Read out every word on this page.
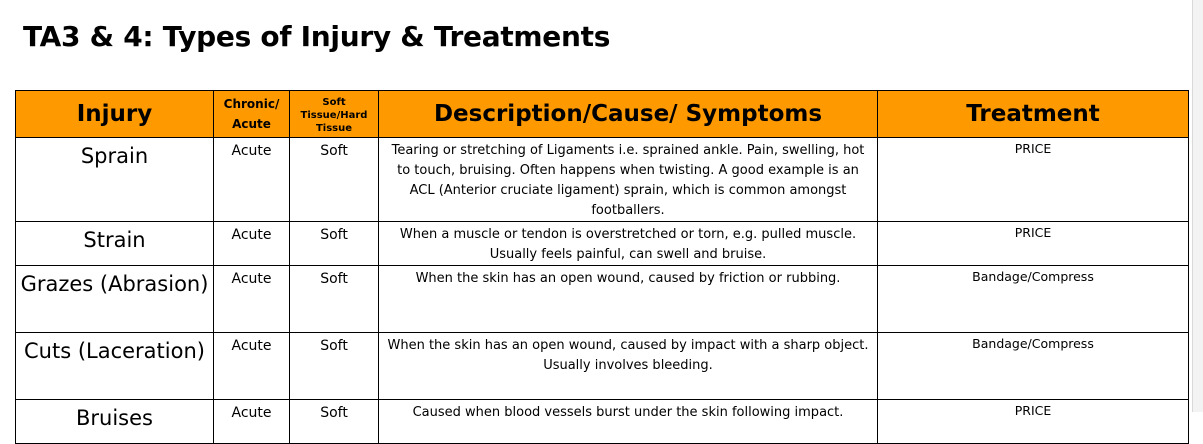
TA3 & 4: Types of Injury & Treatments
Injury	Chronic/ Acute	Soft Tissue/Hard Tissue	Description/Cause/ Symptoms	Treatment
Sprain	Acute	Soft	Tearing or stretching of Ligaments i.e. sprained ankle. Pain, swelling, hot to touch, bruising. Often happens when twisting. A good example is an ACL (Anterior cruciate ligament) sprain, which is common amongst footballers.	PRICE
Strain	Acute	Soft	When a muscle or tendon is overstretched or torn, e.g. pulled muscle. Usually feels painful, can swell and bruise.	PRICE
Grazes (Abrasion)	Acute	Soft	When the skin has an open wound, caused by friction or rubbing.	Bandage/Compress
Cuts (Laceration)	Acute	Soft	When the skin has an open wound, caused by impact with a sharp object. Usually involves bleeding.	Bandage/Compress
Bruises	Acute	Soft	Caused when blood vessels burst under the skin following impact.	PRICE
